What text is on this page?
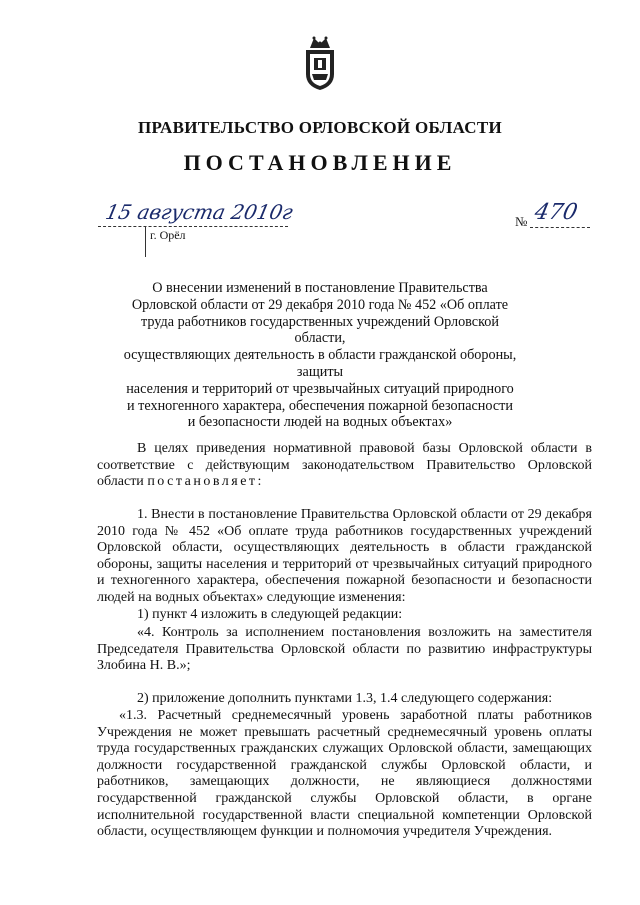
ПРАВИТЕЛЬСТВО ОРЛОВСКОЙ ОБЛАСТИ
ПОСТАНОВЛЕНИЕ
15 августа 2010г
г. Орёл
№ 470
О внесении изменений в постановление Правительства
Орловской области от 29 декабря 2010 года № 452 «Об оплате
труда работников государственных учреждений Орловской области,
осуществляющих деятельность в области гражданской обороны, защиты
населения и территорий от чрезвычайных ситуаций природного
и техногенного характера, обеспечения пожарной безопасности
и безопасности людей на водных объектах»
В целях приведения нормативной правовой базы Орловской области в соответствие с действующим законодательством Правительство Орловской области постановляет:
1. Внести в постановление Правительства Орловской области от 29 декабря 2010 года № 452 «Об оплате труда работников государственных учреждений Орловской области, осуществляющих деятельность в области гражданской обороны, защиты населения и территорий от чрезвычайных ситуаций природного и техногенного характера, обеспечения пожарной безопасности и безопасности людей на водных объектах» следующие изменения:
1) пункт 4 изложить в следующей редакции:
«4. Контроль за исполнением постановления возложить на заместителя Председателя Правительства Орловской области по развитию инфраструктуры Злобина Н. В.»;
2) приложение дополнить пунктами 1.3, 1.4 следующего содержания:
«1.3. Расчетный среднемесячный уровень заработной платы работников Учреждения не может превышать расчетный среднемесячный уровень оплаты труда государственных гражданских служащих Орловской области, замещающих должности государственной гражданской службы Орловской области, и работников, замещающих должности, не являющиеся должностями государственной гражданской службы Орловской области, в органе исполнительной государственной власти специальной компетенции Орловской области, осуществляющем функции и полномочия учредителя Учреждения.
